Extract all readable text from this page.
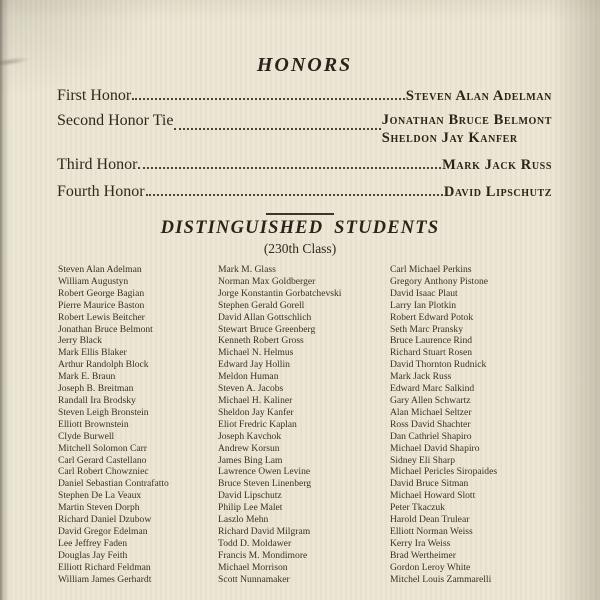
HONORS
First Honor	Steven Alan Adelman
Second Honor Tie	Jonathan Bruce Belmont
Sheldon Jay Kanfer
Third Honor	Mark Jack Russ
Fourth Honor	David Lipschutz
DISTINGUISHED STUDENTS
(230th Class)
Steven Alan Adelman
William Augustyn
Robert George Bagian
Pierre Maurice Baston
Robert Lewis Beitcher
Jonathan Bruce Belmont
Jerry Black
Mark Ellis Blaker
Arthur Randolph Block
Mark E. Braun
Joseph B. Breitman
Randall Ira Brodsky
Steven Leigh Bronstein
Elliott Brownstein
Clyde Burwell
Mitchell Solomon Carr
Carl Gerard Castellano
Carl Robert Chowzniec
Daniel Sebastian Contrafatto
Stephen De La Veaux
Martin Steven Dorph
Richard Daniel Dzubow
David Gregor Edelman
Lee Jeffrey Faden
Douglas Jay Feith
Elliott Richard Feldman
William James Gerhardt
Mark M. Glass
Norman Max Goldberger
Jorge Konstantin Gorbatchevski
Stephen Gerald Gorell
David Allan Gottschlich
Stewart Bruce Greenberg
Kenneth Robert Gross
Michael N. Helmus
Edward Jay Hollin
Meldon Human
Steven A. Jacobs
Michael H. Kaliner
Sheldon Jay Kanfer
Eliot Fredric Kaplan
Joseph Kavchok
Andrew Korsun
James Bing Lam
Lawrence Owen Levine
Bruce Steven Linenberg
David Lipschutz
Philip Lee Malet
Laszlo Mehn
Richard David Milgram
Todd D. Moldawer
Francis M. Mondimore
Michael Morrison
Scott Nunnamaker
Carl Michael Perkins
Gregory Anthony Pistone
David Isaac Plaut
Larry Ian Plotkin
Robert Edward Potok
Seth Marc Pransky
Bruce Laurence Rind
Richard Stuart Rosen
David Thornton Rudnick
Mark Jack Russ
Edward Marc Salkind
Gary Allen Schwartz
Alan Michael Seltzer
Ross David Shachter
Dan Cathriel Shapiro
Michael David Shapiro
Sidney Eli Sharp
Michael Pericles Siropaides
David Bruce Sitman
Michael Howard Slott
Peter Tkaczuk
Harold Dean Trulear
Elliott Norman Weiss
Kerry Ira Weiss
Brad Wertheimer
Gordon Leroy White
Mitchel Louis Zammarelli
